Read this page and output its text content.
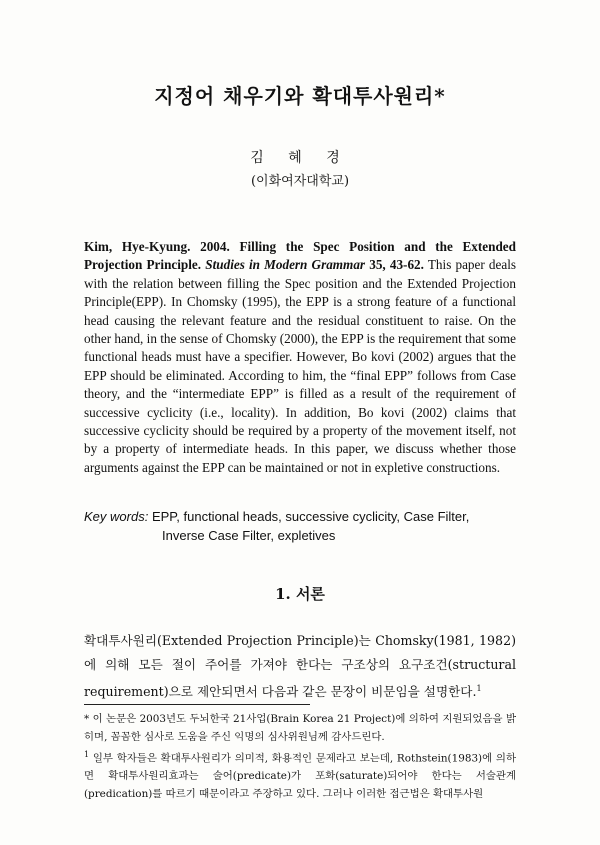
지정어 채우기와 확대투사원리*
김 혜 경
(이화여자대학교)
Kim, Hye-Kyung. 2004. Filling the Spec Position and the Extended Projection Principle. Studies in Modern Grammar 35, 43-62. This paper deals with the relation between filling the Spec position and the Extended Projection Principle(EPP). In Chomsky (1995), the EPP is a strong feature of a functional head causing the relevant feature and the residual constituent to raise. On the other hand, in the sense of Chomsky (2000), the EPP is the requirement that some functional heads must have a specifier. However, Bo kovi (2002) argues that the EPP should be eliminated. According to him, the “final EPP” follows from Case theory, and the “intermediate EPP” is filled as a result of the requirement of successive cyclicity (i.e., locality). In addition, Bo kovi (2002) claims that successive cyclicity should be required by a property of the movement itself, not by a property of intermediate heads. In this paper, we discuss whether those arguments against the EPP can be maintained or not in expletive constructions.
Key words: EPP, functional heads, successive cyclicity, Case Filter,
Inverse Case Filter, expletives
1. 서론
확대투사원리(Extended Projection Principle)는 Chomsky(1981, 1982)에 의해 모든 절이 주어를 가져야 한다는 구조상의 요구조건(structural requirement)으로 제안되면서 다음과 같은 문장이 비문임을 설명한다.$^1$
* 이 논문은 2003년도 두뇌한국 21사업(Brain Korea 21 Project)에 의하여 지원되었음을 밝히며, 꼼꼼한 심사로 도움을 주신 익명의 심사위원님께 감사드린다.
$^1$ 일부 학자들은 확대투사원리가 의미적, 화용적인 문제라고 보는데, Rothstein(1983)에 의하면 확대투사원리효과는 술어(predicate)가 포화(saturate)되어야 한다는 서술관계(predication)를 따르기 때문이라고 주장하고 있다. 그러나 이러한 접근법은 확대투사원
